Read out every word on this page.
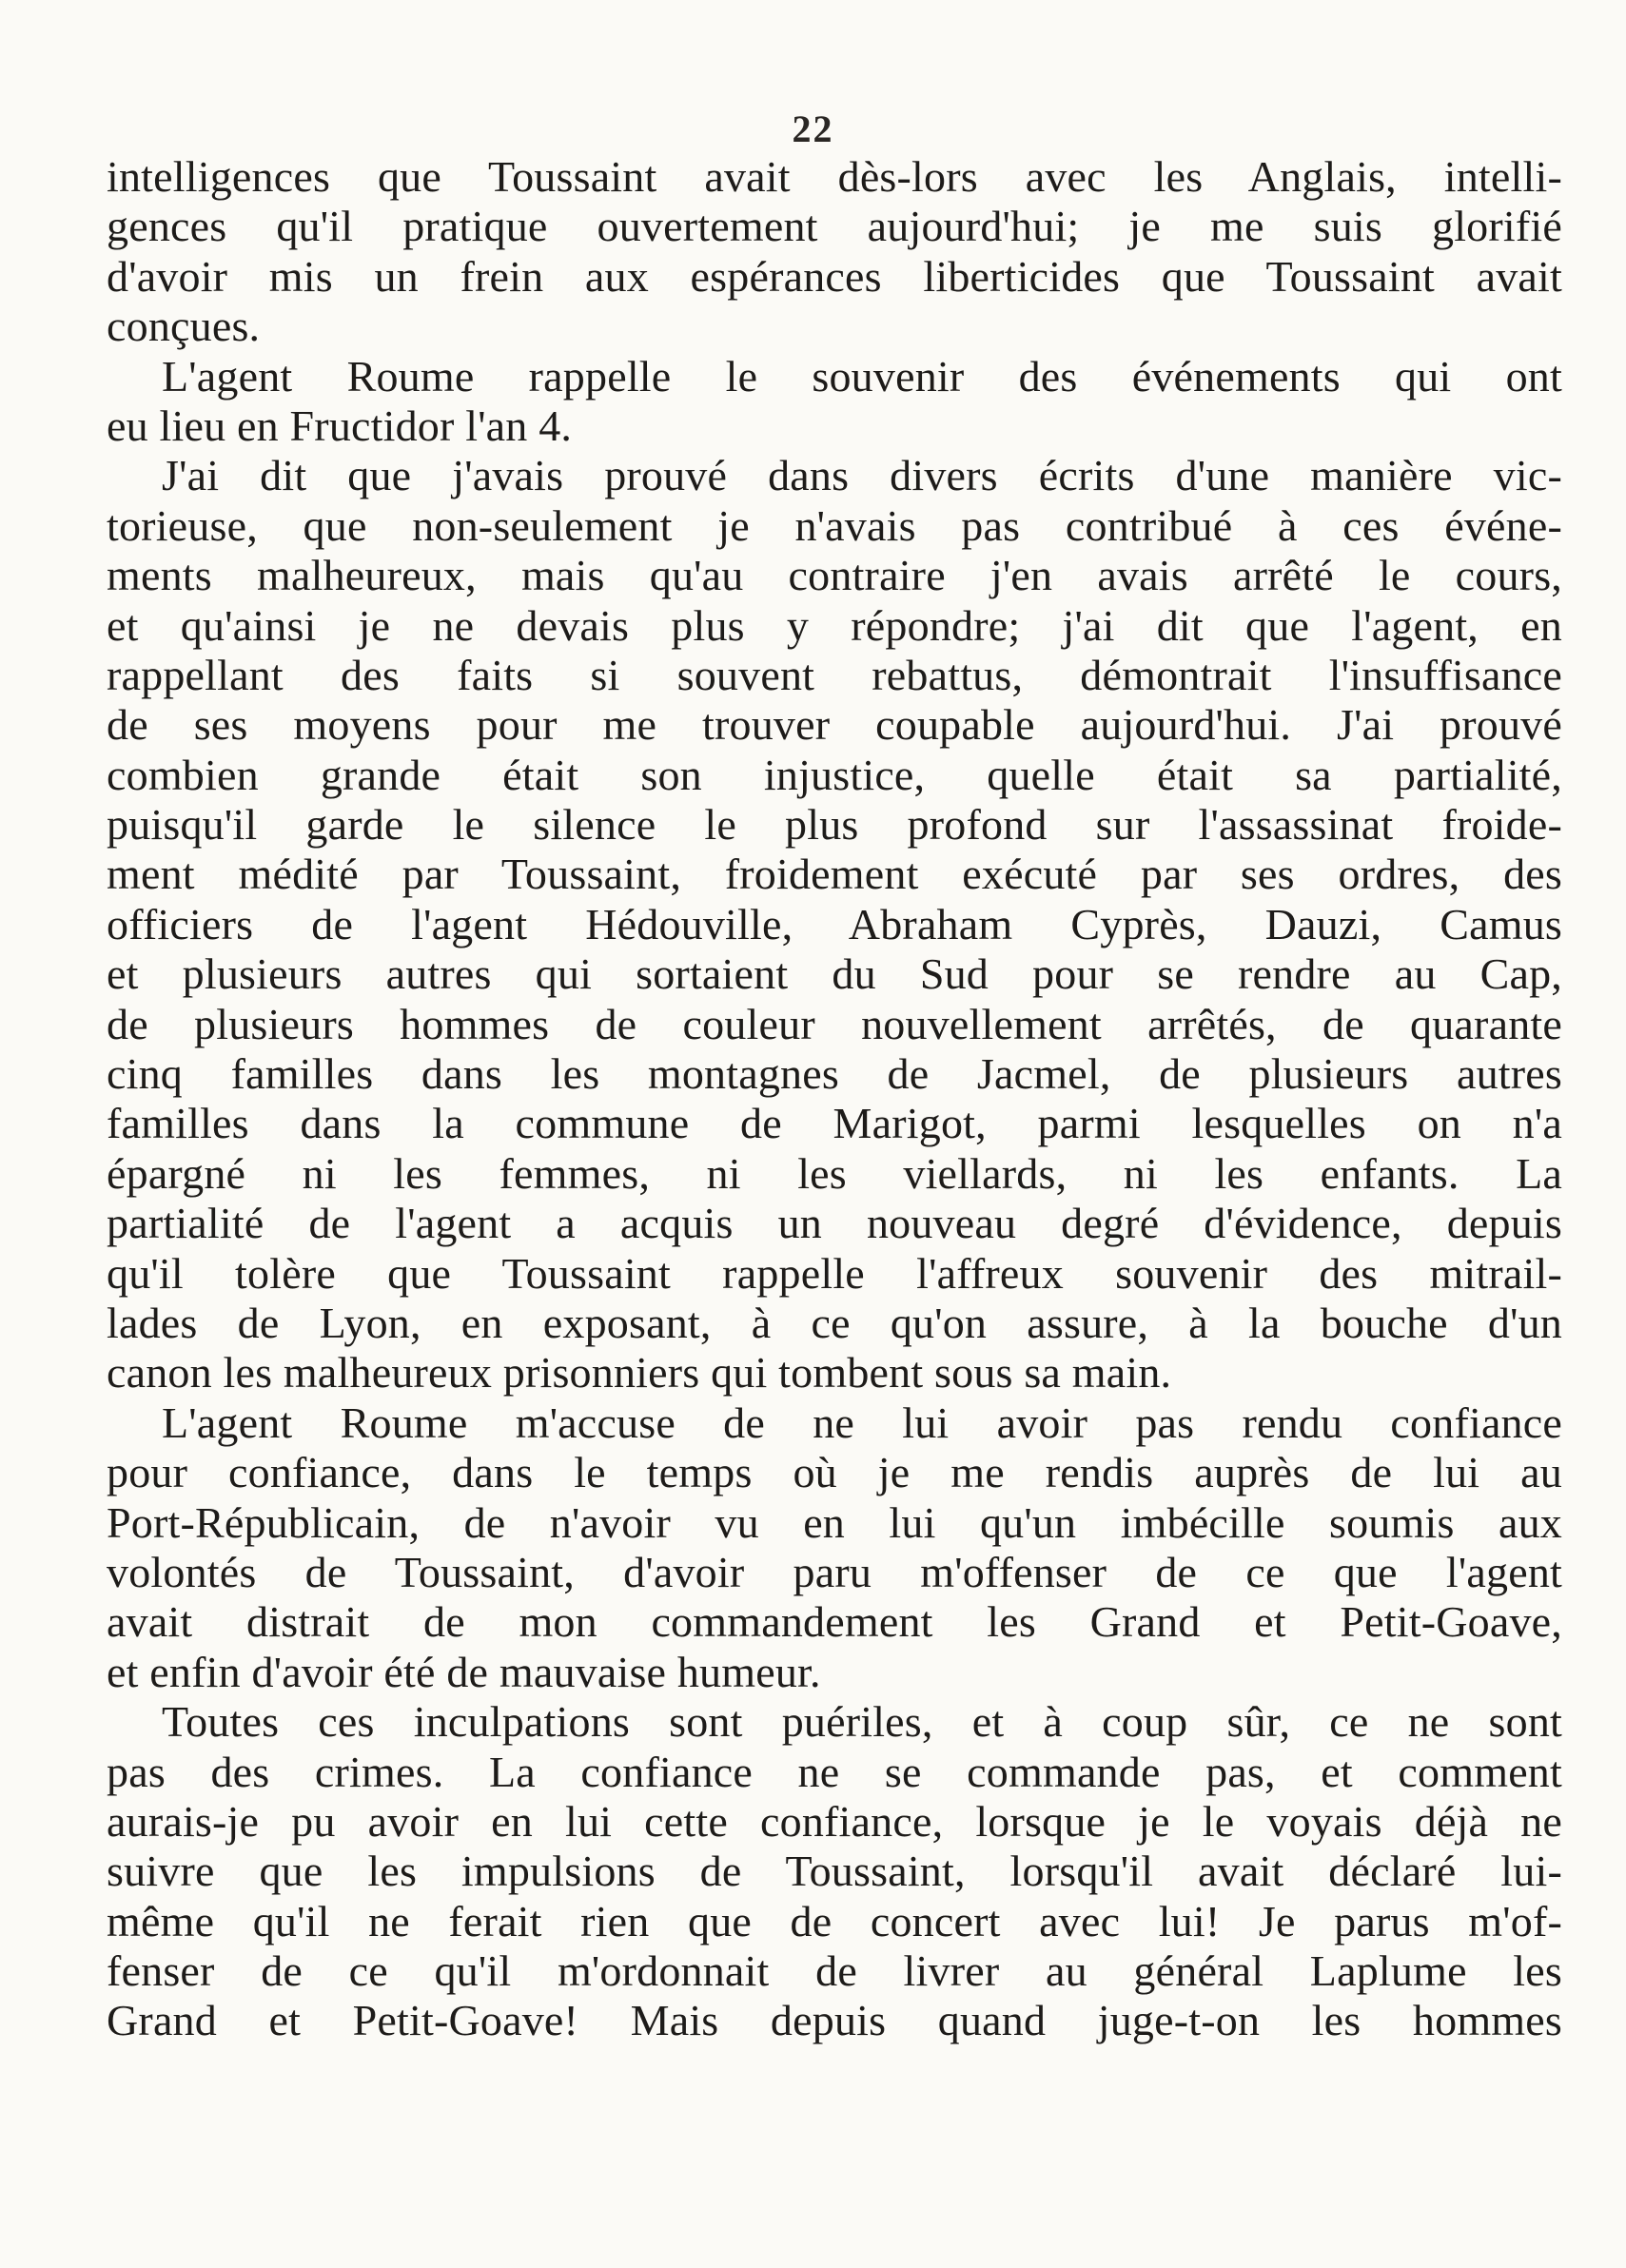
22
intelligences que Toussaint avait dès-lors avec les Anglais, intelli-
gences qu'il pratique ouvertement aujourd'hui; je me suis glorifié
d'avoir mis un frein aux espérances liberticides que Toussaint avait
conçues.
L'agent Roume rappelle le souvenir des événements qui ont
eu lieu en Fructidor l'an 4.
J'ai dit que j'avais prouvé dans divers écrits d'une manière vic-
torieuse, que non-seulement je n'avais pas contribué à ces événe-
ments malheureux, mais qu'au contraire j'en avais arrêté le cours,
et qu'ainsi je ne devais plus y répondre; j'ai dit que l'agent, en
rappellant des faits si souvent rebattus, démontrait l'insuffisance
de ses moyens pour me trouver coupable aujourd'hui. J'ai prouvé
combien grande était son injustice, quelle était sa partialité,
puisqu'il garde le silence le plus profond sur l'assassinat froide-
ment médité par Toussaint, froidement exécuté par ses ordres, des
officiers de l'agent Hédouville, Abraham Cyprès, Dauzi, Camus
et plusieurs autres qui sortaient du Sud pour se rendre au Cap,
de plusieurs hommes de couleur nouvellement arrêtés, de quarante
cinq familles dans les montagnes de Jacmel, de plusieurs autres
familles dans la commune de Marigot, parmi lesquelles on n'a
épargné ni les femmes, ni les viellards, ni les enfants. La
partialité de l'agent a acquis un nouveau degré d'évidence, depuis
qu'il tolère que Toussaint rappelle l'affreux souvenir des mitrail-
lades de Lyon, en exposant, à ce qu'on assure, à la bouche d'un
canon les malheureux prisonniers qui tombent sous sa main.
L'agent Roume m'accuse de ne lui avoir pas rendu confiance
pour confiance, dans le temps où je me rendis auprès de lui au
Port-Républicain, de n'avoir vu en lui qu'un imbécille soumis aux
volontés de Toussaint, d'avoir paru m'offenser de ce que l'agent
avait distrait de mon commandement les Grand et Petit-Goave,
et enfin d'avoir été de mauvaise humeur.
Toutes ces inculpations sont puériles, et à coup sûr, ce ne sont
pas des crimes. La confiance ne se commande pas, et comment
aurais-je pu avoir en lui cette confiance, lorsque je le voyais déjà ne
suivre que les impulsions de Toussaint, lorsqu'il avait déclaré lui-
même qu'il ne ferait rien que de concert avec lui! Je parus m'of-
fenser de ce qu'il m'ordonnait de livrer au général Laplume les
Grand et Petit-Goave! Mais depuis quand juge-t-on les hommes
